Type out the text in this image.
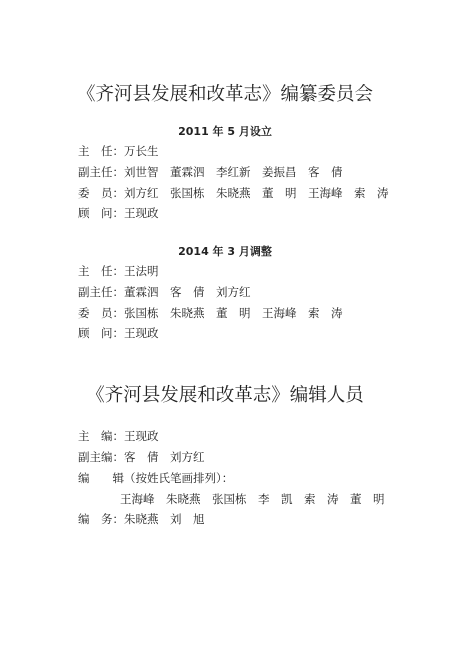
《齐河县发展和改革志》编纂委员会
2011 年 5 月设立
主　任： 万长生
副主任： 刘世智　董霖泗　李红新　姜振昌　客　倩
委　员： 刘方红　张国栋　朱晓燕　董　明　王海峰　索　涛
顾　问： 王现政
2014 年 3 月调整
主　任： 王法明
副主任： 董霖泗　客　倩　刘方红
委　员： 张国栋　朱晓燕　董　明　王海峰　索　涛
顾　问： 王现政
《齐河县发展和改革志》编辑人员
主　编： 王现政
副主编： 客　倩　刘方红
编　　辑 （按姓氏笔画排列）：
王海峰　朱晓燕　张国栋　李　凯　索　涛　董　明
编　务： 朱晓燕　刘　旭
